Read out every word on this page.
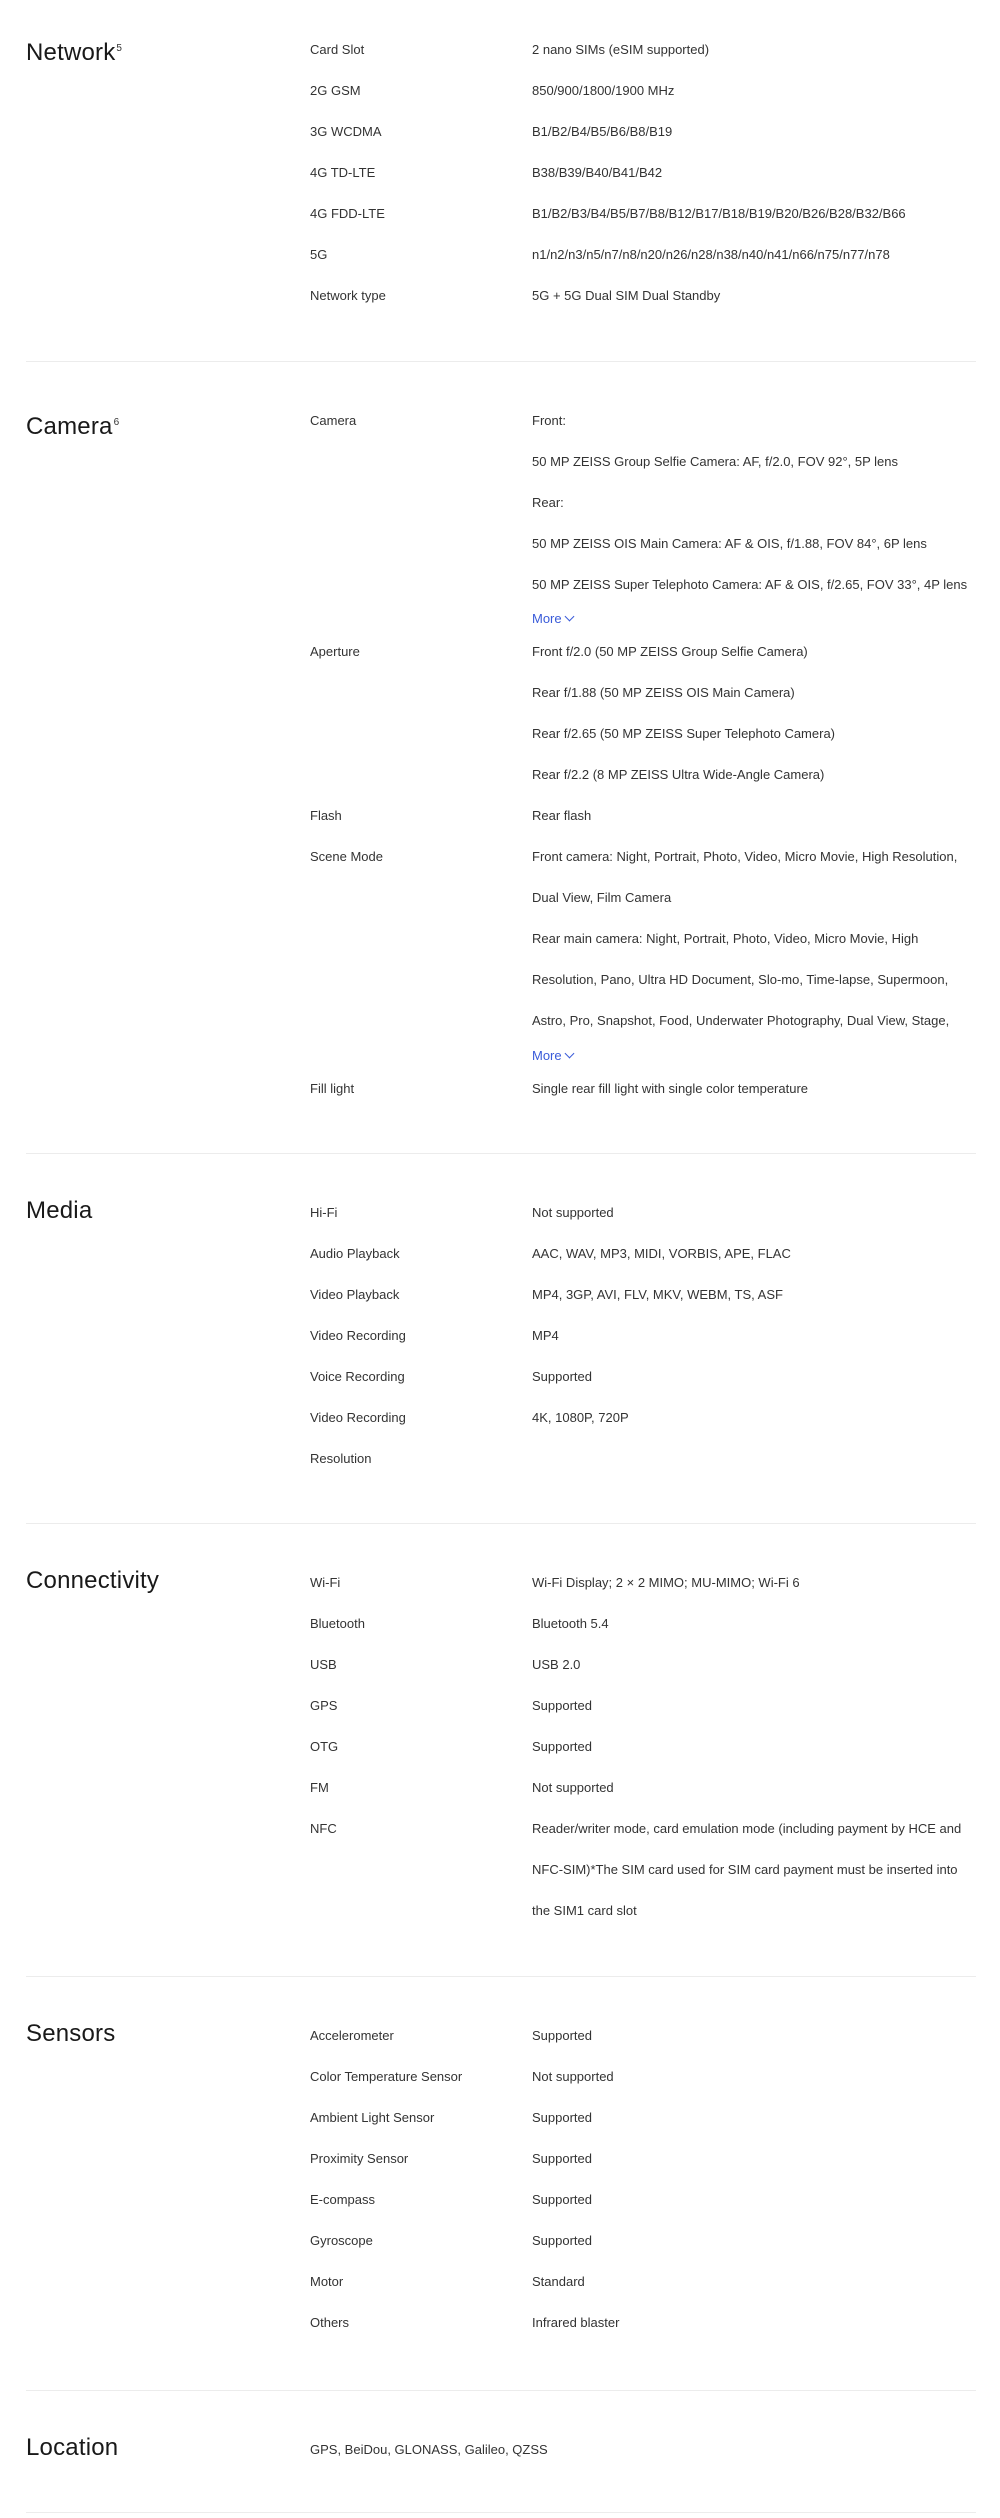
Network$^5$	Card Slot	2 nano SIMs (eSIM supported)
2G GSM	850/900/1800/1900 MHz
3G WCDMA	B1/B2/B4/B5/B6/B8/B19
4G TD-LTE	B38/B39/B40/B41/B42
4G FDD-LTE	B1/B2/B3/B4/B5/B7/B8/B12/B17/B18/B19/B20/B26/B28/B32/B66
5G	n1/n2/n3/n5/n7/n8/n20/n26/n28/n38/n40/n41/n66/n75/n77/n78
Network type	5G + 5G Dual SIM Dual Standby
Camera$^6$	Camera	Front:
50 MP ZEISS Group Selfie Camera: AF, f/2.0, FOV 92°, 5P lens
Rear:
50 MP ZEISS OIS Main Camera: AF & OIS, f/1.88, FOV 84°, 6P lens
50 MP ZEISS Super Telephoto Camera: AF & OIS, f/2.65, FOV 33°, 4P lens
More
Aperture	Front f/2.0 (50 MP ZEISS Group Selfie Camera)
Rear f/1.88 (50 MP ZEISS OIS Main Camera)
Rear f/2.65 (50 MP ZEISS Super Telephoto Camera)
Rear f/2.2 (8 MP ZEISS Ultra Wide-Angle Camera)
Flash	Rear flash
Scene Mode	Front camera: Night, Portrait, Photo, Video, Micro Movie, High Resolution,
Dual View, Film Camera
Rear main camera: Night, Portrait, Photo, Video, Micro Movie, High
Resolution, Pano, Ultra HD Document, Slo-mo, Time-lapse, Supermoon,
Astro, Pro, Snapshot, Food, Underwater Photography, Dual View, Stage,
More
Fill light	Single rear fill light with single color temperature
Media	Hi-Fi	Not supported
Audio Playback	AAC, WAV, MP3, MIDI, VORBIS, APE, FLAC
Video Playback	MP4, 3GP, AVI, FLV, MKV, WEBM, TS, ASF
Video Recording	MP4
Voice Recording	Supported
Video Recording	4K, 1080P, 720P
Resolution
Connectivity	Wi-Fi	Wi-Fi Display; 2 × 2 MIMO; MU-MIMO; Wi-Fi 6
Bluetooth	Bluetooth 5.4
USB	USB 2.0
GPS	Supported
OTG	Supported
FM	Not supported
NFC	Reader/writer mode, card emulation mode (including payment by HCE and
NFC-SIM)*The SIM card used for SIM card payment must be inserted into
the SIM1 card slot
Sensors	Accelerometer	Supported
Color Temperature Sensor	Not supported
Ambient Light Sensor	Supported
Proximity Sensor	Supported
E-compass	Supported
Gyroscope	Supported
Motor	Standard
Others	Infrared blaster
Location	GPS, BeiDou, GLONASS, Galileo, QZSS
